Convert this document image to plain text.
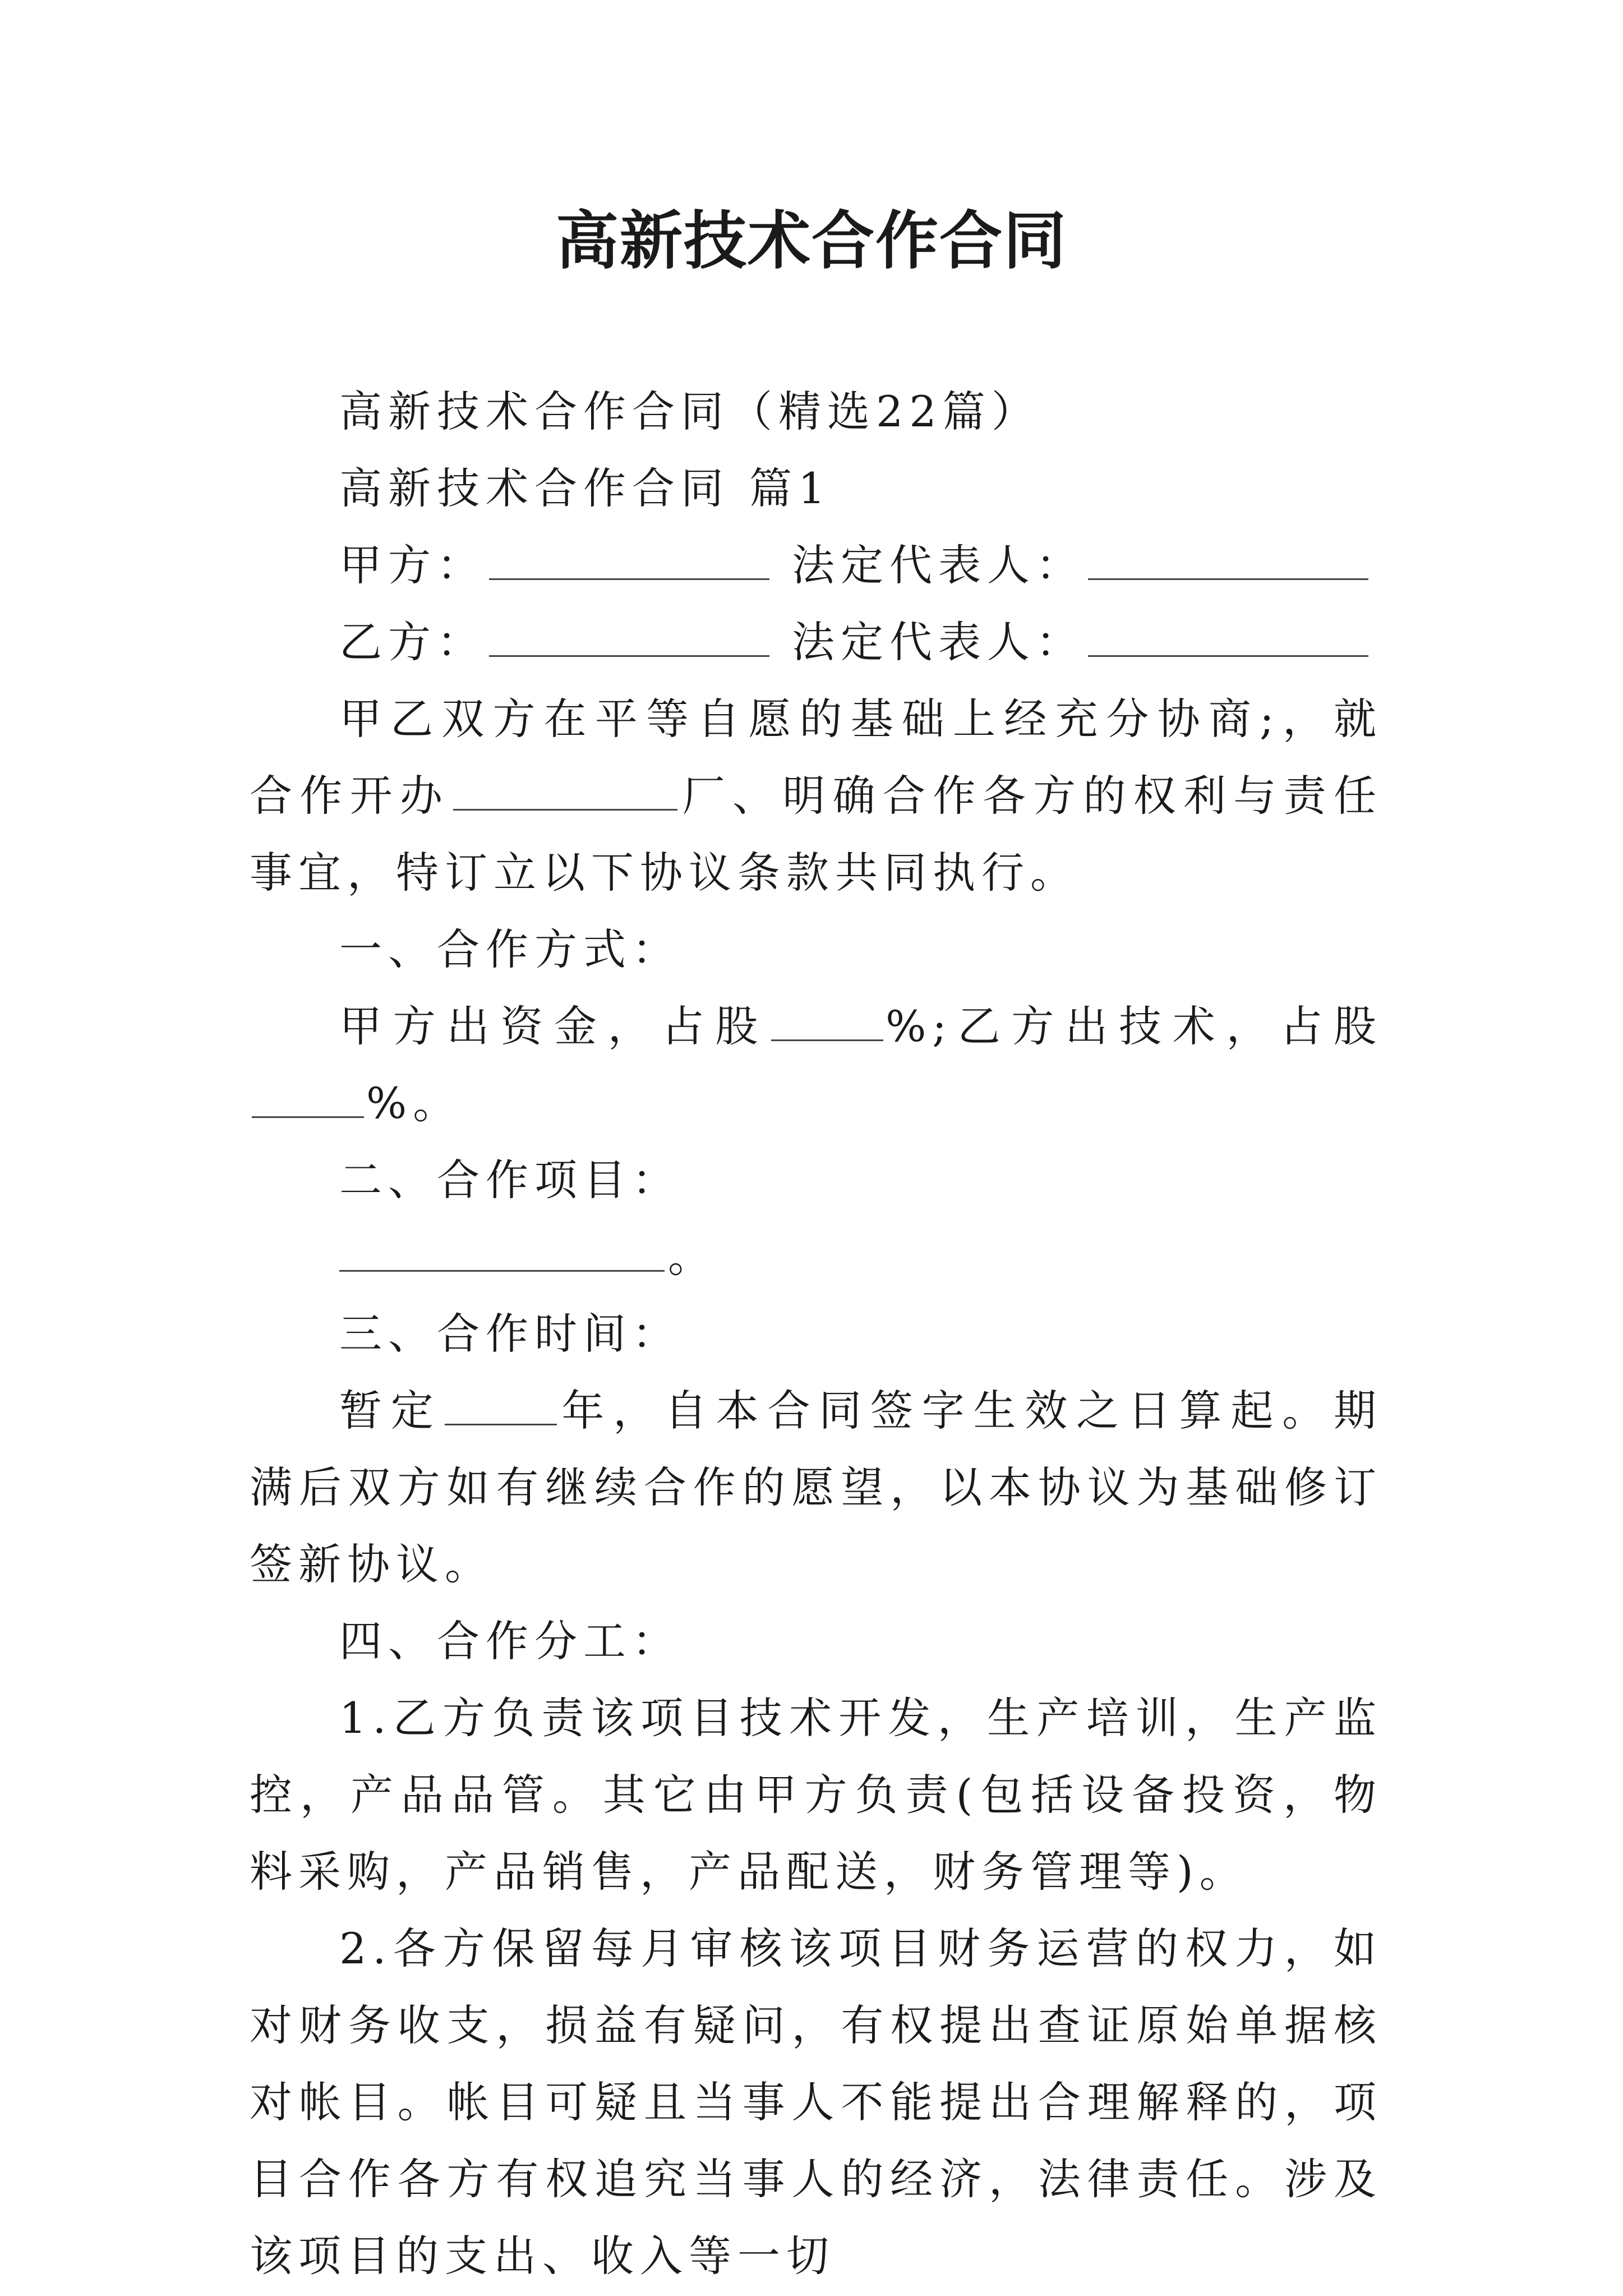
高新技术合作合同

高新技术合作合同（精选22篇）

高新技术合作合同 篇1

甲方：	法定代表人：

乙方：	法定代表人：

甲乙双方在平等自愿的基础上经充分协商;，就合作开办	厂、明确合作各方的权利与责任事宜，特订立以下协议条款共同执行。

一、合作方式：

甲方出资金，占股	%;乙方出技术，占股%。

二、合作项目：

。

三、合作时间：

暂定	年，自本合同签字生效之日算起。期满后双方如有继续合作的愿望，以本协议为基础修订签新协议。

四、合作分工：

1.乙方负责该项目技术开发，生产培训，生产监控，产品品管。其它由甲方负责(包括设备投资，物料采购，产品销售，产品配送，财务管理等)。

2.各方保留每月审核该项目财务运营的权力，如对财务收支，损益有疑问，有权提出查证原始单据核对帐目。帐目可疑且当事人不能提出合理解释的，项目合作各方有权追究当事人的经济，法律责任。涉及该项目的支出、收入等一切
